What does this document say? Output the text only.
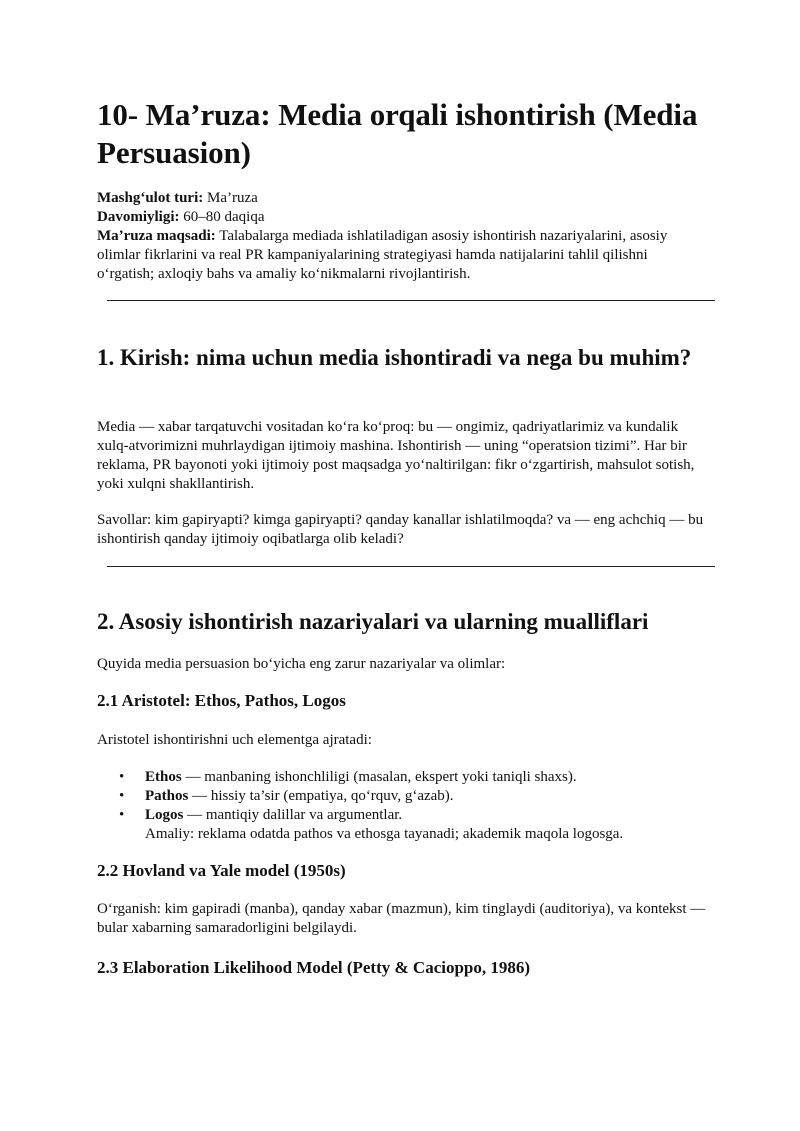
10- Ma’ruza: Media orqali ishontirish (Media Persuasion)
Mashg‘ulot turi: Ma’ruza
Davomiyligi: 60–80 daqiqa
Ma’ruza maqsadi: Talabalarga mediada ishlatiladigan asosiy ishontirish nazariyalarini, asosiy olimlar fikrlarini va real PR kampaniyalarining strategiyasi hamda natijalarini tahlil qilishni o‘rgatish; axloqiy bahs va amaliy ko‘nikmalarni rivojlantirish.
1. Kirish: nima uchun media ishontiradi va nega bu muhim?

Media — xabar tarqatuvchi vositadan ko‘ra ko‘proq: bu — ongimiz, qadriyatlarimiz va kundalik xulq-atvorimizni muhrlaydigan ijtimoiy mashina. Ishontirish — uning “operatsion tizimi”. Har bir reklama, PR bayonoti yoki ijtimoiy post maqsadga yo‘naltirilgan: fikr o‘zgartirish, mahsulot sotish, yoki xulqni shakllantirish.

Savollar: kim gapiryapti? kimga gapiryapti? qanday kanallar ishlatilmoqda? va — eng achchiq — bu ishontirish qanday ijtimoiy oqibatlarga olib keladi?

2. Asosiy ishontirish nazariyalari va ularning mualliflari

Quyida media persuasion bo‘yicha eng zarur nazariyalar va olimlar:

2.1 Aristotel: Ethos, Pathos, Logos

Aristotel ishontirishni uch elementga ajratadi:

• Ethos — manbaning ishonchliligi (masalan, ekspert yoki taniqli shaxs).
• Pathos — hissiy ta’sir (empatiya, qo‘rquv, g‘azab).
• Logos — mantiqiy dalillar va argumentlar.
Amaliy: reklama odatda pathos va ethosga tayanadi; akademik maqola logosga.
2.2 Hovland va Yale model (1950s)

O‘rganish: kim gapiradi (manba), qanday xabar (mazmun), kim tinglaydi (auditoriya), va kontekst — bular xabarning samaradorligini belgilaydi.

2.3 Elaboration Likelihood Model (Petty & Cacioppo, 1986)
